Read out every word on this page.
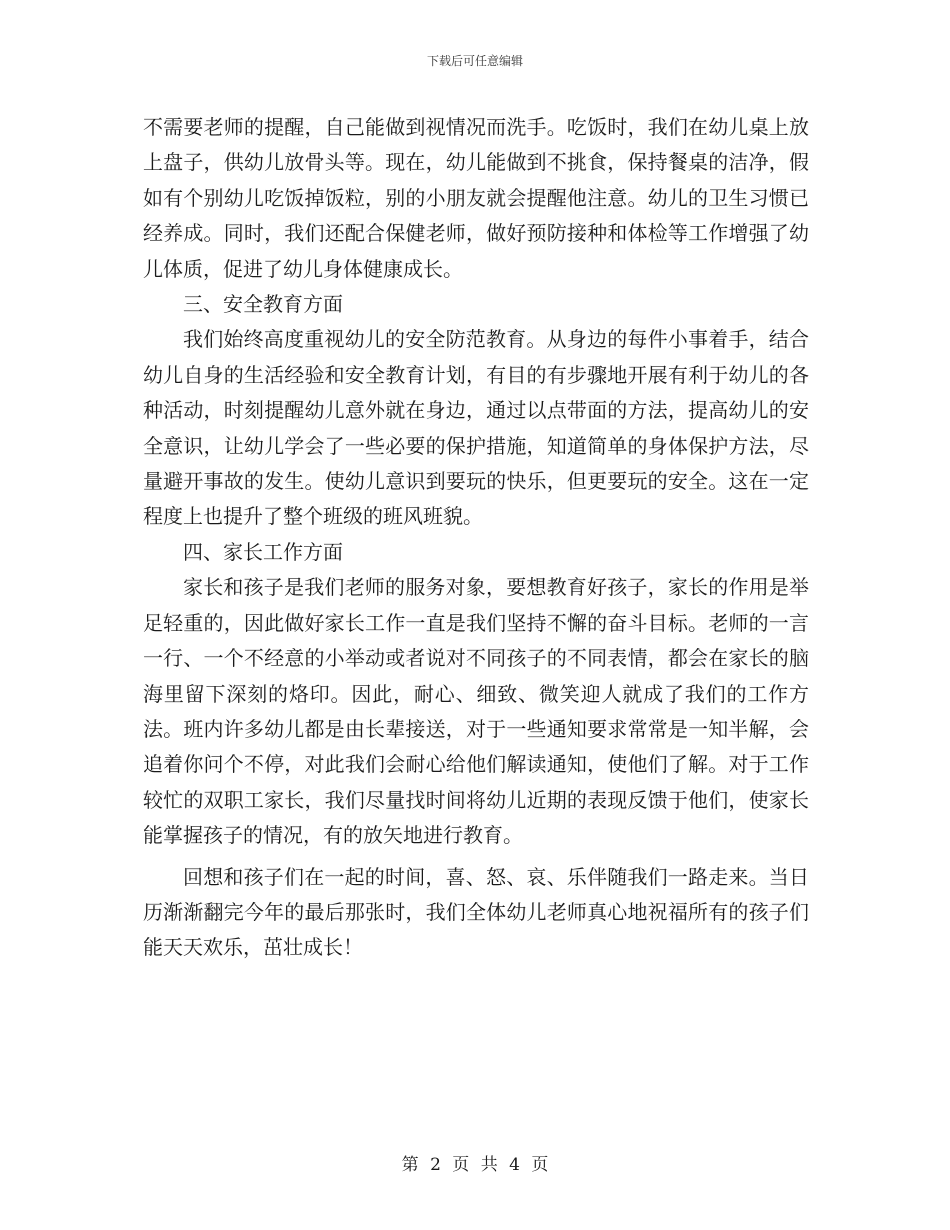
下载后可任意编辑

不需要老师的提醒，自己能做到视情况而洗手。吃饭时，我们在幼儿桌上放上盘子，供幼儿放骨头等。现在，幼儿能做到不挑食，保持餐桌的洁净，假如有个别幼儿吃饭掉饭粒，别的小朋友就会提醒他注意。幼儿的卫生习惯已经养成。同时，我们还配合保健老师，做好预防接种和体检等工作增强了幼儿体质，促进了幼儿身体健康成长。

三、安全教育方面

我们始终高度重视幼儿的安全防范教育。从身边的每件小事着手，结合幼儿自身的生活经验和安全教育计划，有目的有步骤地开展有利于幼儿的各种活动，时刻提醒幼儿意外就在身边，通过以点带面的方法，提高幼儿的安全意识，让幼儿学会了一些必要的保护措施，知道简单的身体保护方法，尽量避开事故的发生。使幼儿意识到要玩的快乐，但更要玩的安全。这在一定程度上也提升了整个班级的班风班貌。

四、家长工作方面

家长和孩子是我们老师的服务对象，要想教育好孩子，家长的作用是举足轻重的，因此做好家长工作一直是我们坚持不懈的奋斗目标。老师的一言一行、一个不经意的小举动或者说对不同孩子的不同表情，都会在家长的脑海里留下深刻的烙印。因此，耐心、细致、微笑迎人就成了我们的工作方法。班内许多幼儿都是由长辈接送，对于一些通知要求常常是一知半解，会追着你问个不停，对此我们会耐心给他们解读通知，使他们了解。对于工作较忙的双职工家长，我们尽量找时间将幼儿近期的表现反馈于他们，使家长能掌握孩子的情况，有的放矢地进行教育。

回想和孩子们在一起的时间，喜、怒、哀、乐伴随我们一路走来。当日历渐渐翻完今年的最后那张时，我们全体幼儿老师真心地祝福所有的孩子们能天天欢乐，茁壮成长！

第 2 页 共 4 页
